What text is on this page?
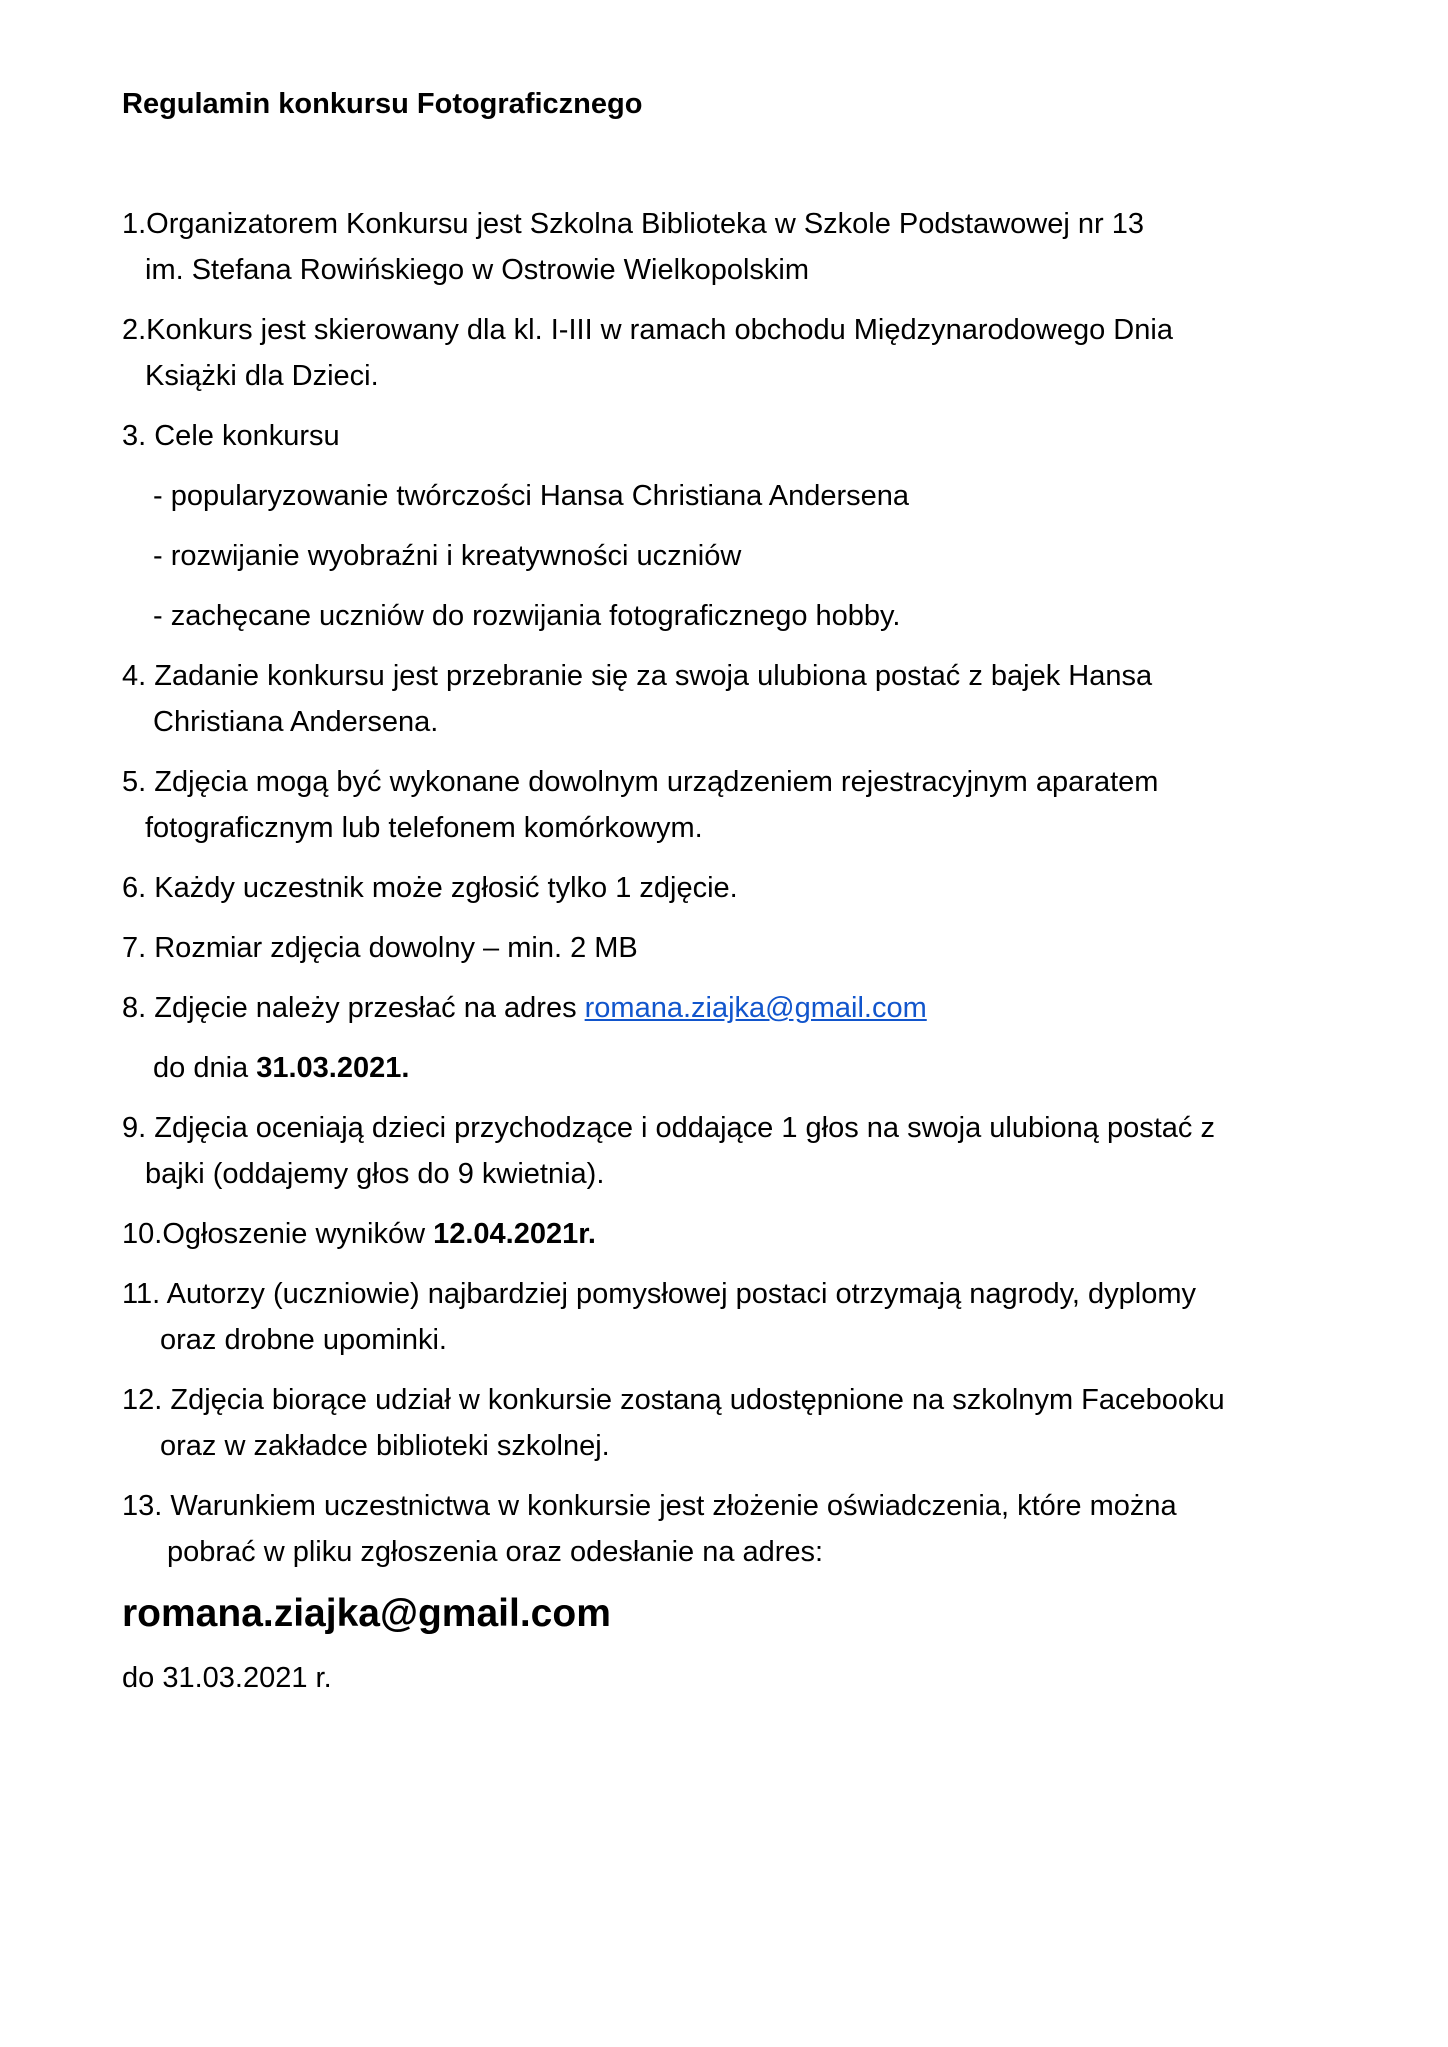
Regulamin konkursu Fotograficznego
1.Organizatorem Konkursu jest Szkolna Biblioteka w Szkole Podstawowej nr 13
im. Stefana Rowińskiego w Ostrowie Wielkopolskim
2.Konkurs jest skierowany dla kl. I-III w ramach obchodu Międzynarodowego Dnia
Książki dla Dzieci.
3. Cele konkursu
- popularyzowanie twórczości Hansa Christiana Andersena
- rozwijanie wyobraźni i kreatywności uczniów
- zachęcane uczniów do rozwijania fotograficznego hobby.
4. Zadanie konkursu jest przebranie się za swoja ulubiona postać z bajek Hansa
Christiana Andersena.
5. Zdjęcia mogą być wykonane dowolnym urządzeniem rejestracyjnym aparatem
fotograficznym lub telefonem komórkowym.
6. Każdy uczestnik może zgłosić tylko 1 zdjęcie.
7. Rozmiar zdjęcia dowolny – min. 2 MB
8. Zdjęcie należy przesłać na adres romana.ziajka@gmail.com
do dnia 31.03.2021.
9. Zdjęcia oceniają dzieci przychodzące i oddające 1 głos na swoja ulubioną postać z
bajki (oddajemy głos do 9 kwietnia).
10.Ogłoszenie wyników 12.04.2021r.
11. Autorzy (uczniowie) najbardziej pomysłowej postaci otrzymają nagrody, dyplomy
oraz drobne upominki.
12. Zdjęcia biorące udział w konkursie zostaną udostępnione na szkolnym Facebooku
oraz w zakładce biblioteki szkolnej.
13. Warunkiem uczestnictwa w konkursie jest złożenie oświadczenia, które można
pobrać w pliku zgłoszenia oraz odesłanie na adres:
romana.ziajka@gmail.com
do 31.03.2021 r.
